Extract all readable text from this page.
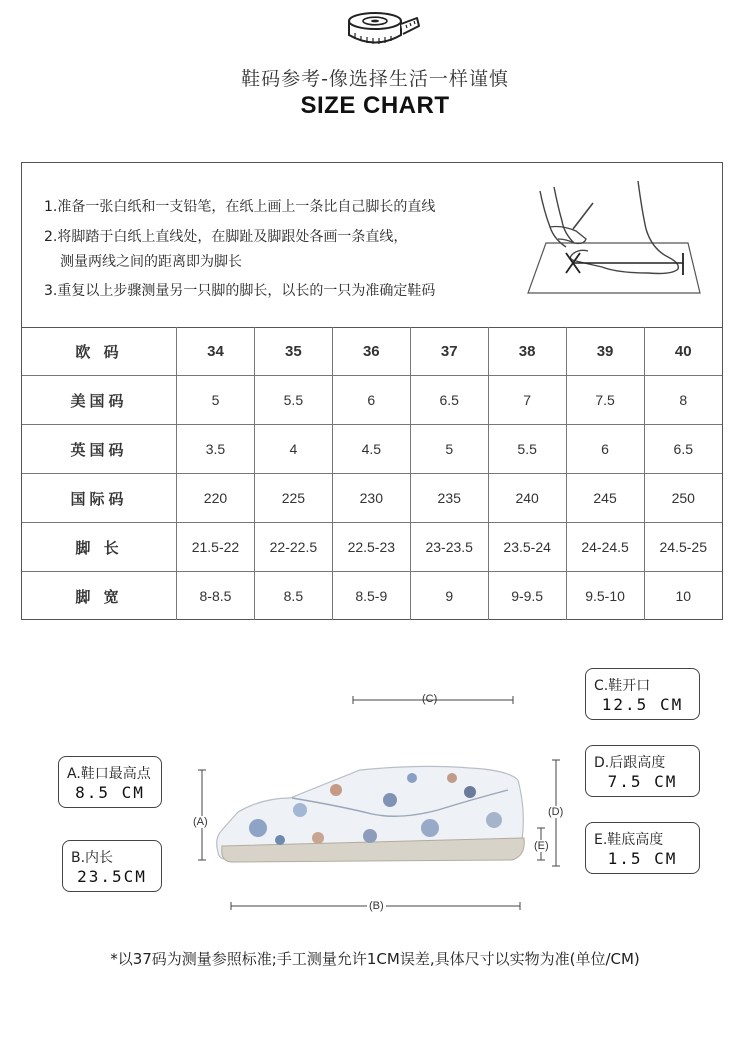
鞋码参考-像选择生活一样谨慎
SIZE CHART
1.准备一张白纸和一支铅笔，在纸上画上一条比自己脚长的直线
2.将脚踏于白纸上直线处，在脚趾及脚跟处各画一条直线，
测量两线之间的距离即为脚长
3.重复以上步骤测量另一只脚的脚长，以长的一只为准确定鞋码
欧 码	34	35	36	37	38	39	40
美国码	5	5.5	6	6.5	7	7.5	8
英国码	3.5	4	4.5	5	5.5	6	6.5
国际码	220	225	230	235	240	245	250
脚 长	21.5-22	22-22.5	22.5-23	23-23.5	23.5-24	24-24.5	24.5-25
脚 宽	8-8.5	8.5	8.5-9	9	9-9.5	9.5-10	10
(C)
(A)
(D)
(E)
(B)
C.鞋开口
12.5 CM
D.后跟高度
7.5 CM
E.鞋底高度
1.5 CM
A.鞋口最高点
8.5 CM
B.内长
23.5CM
*以37码为测量参照标准;手工测量允许1CM误差,具体尺寸以实物为准(单位/CM)
